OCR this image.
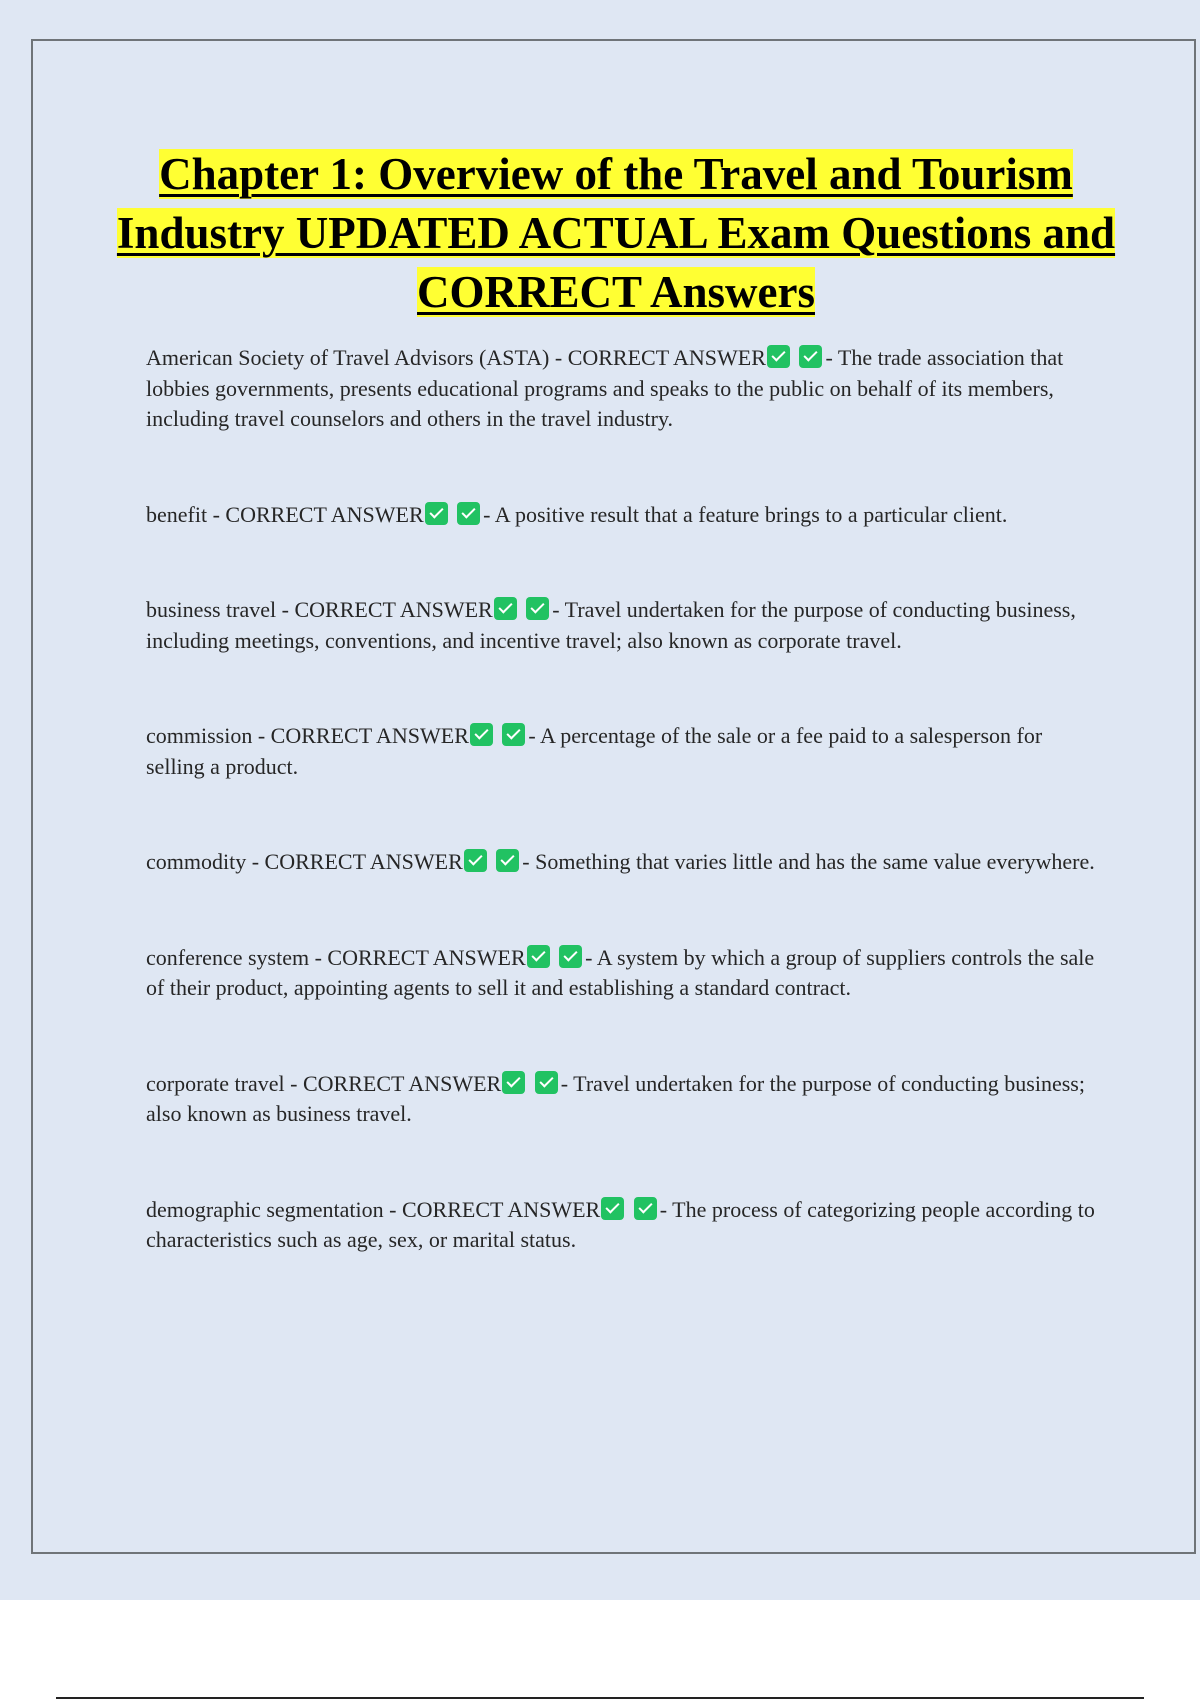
Chapter 1: Overview of the Travel and Tourism Industry UPDATED ACTUAL Exam Questions and CORRECT Answers

American Society of Travel Advisors (ASTA) - CORRECT ANSWER	- The trade association that lobbies governments, presents educational programs and speaks to the public on behalf of its members, including travel counselors and others in the travel industry.

benefit - CORRECT ANSWER	- A positive result that a feature brings to a particular client.

business travel - CORRECT ANSWER	- Travel undertaken for the purpose of conducting business, including meetings, conventions, and incentive travel; also known as corporate travel.

commission - CORRECT ANSWER	- A percentage of the sale or a fee paid to a salesperson for selling a product.

commodity - CORRECT ANSWER	- Something that varies little and has the same value everywhere.

conference system - CORRECT ANSWER	- A system by which a group of suppliers controls the sale of their product, appointing agents to sell it and establishing a standard contract.

corporate travel - CORRECT ANSWER	- Travel undertaken for the purpose of conducting business; also known as business travel.

demographic segmentation - CORRECT ANSWER	- The process of categorizing people according to characteristics such as age, sex, or marital status.
